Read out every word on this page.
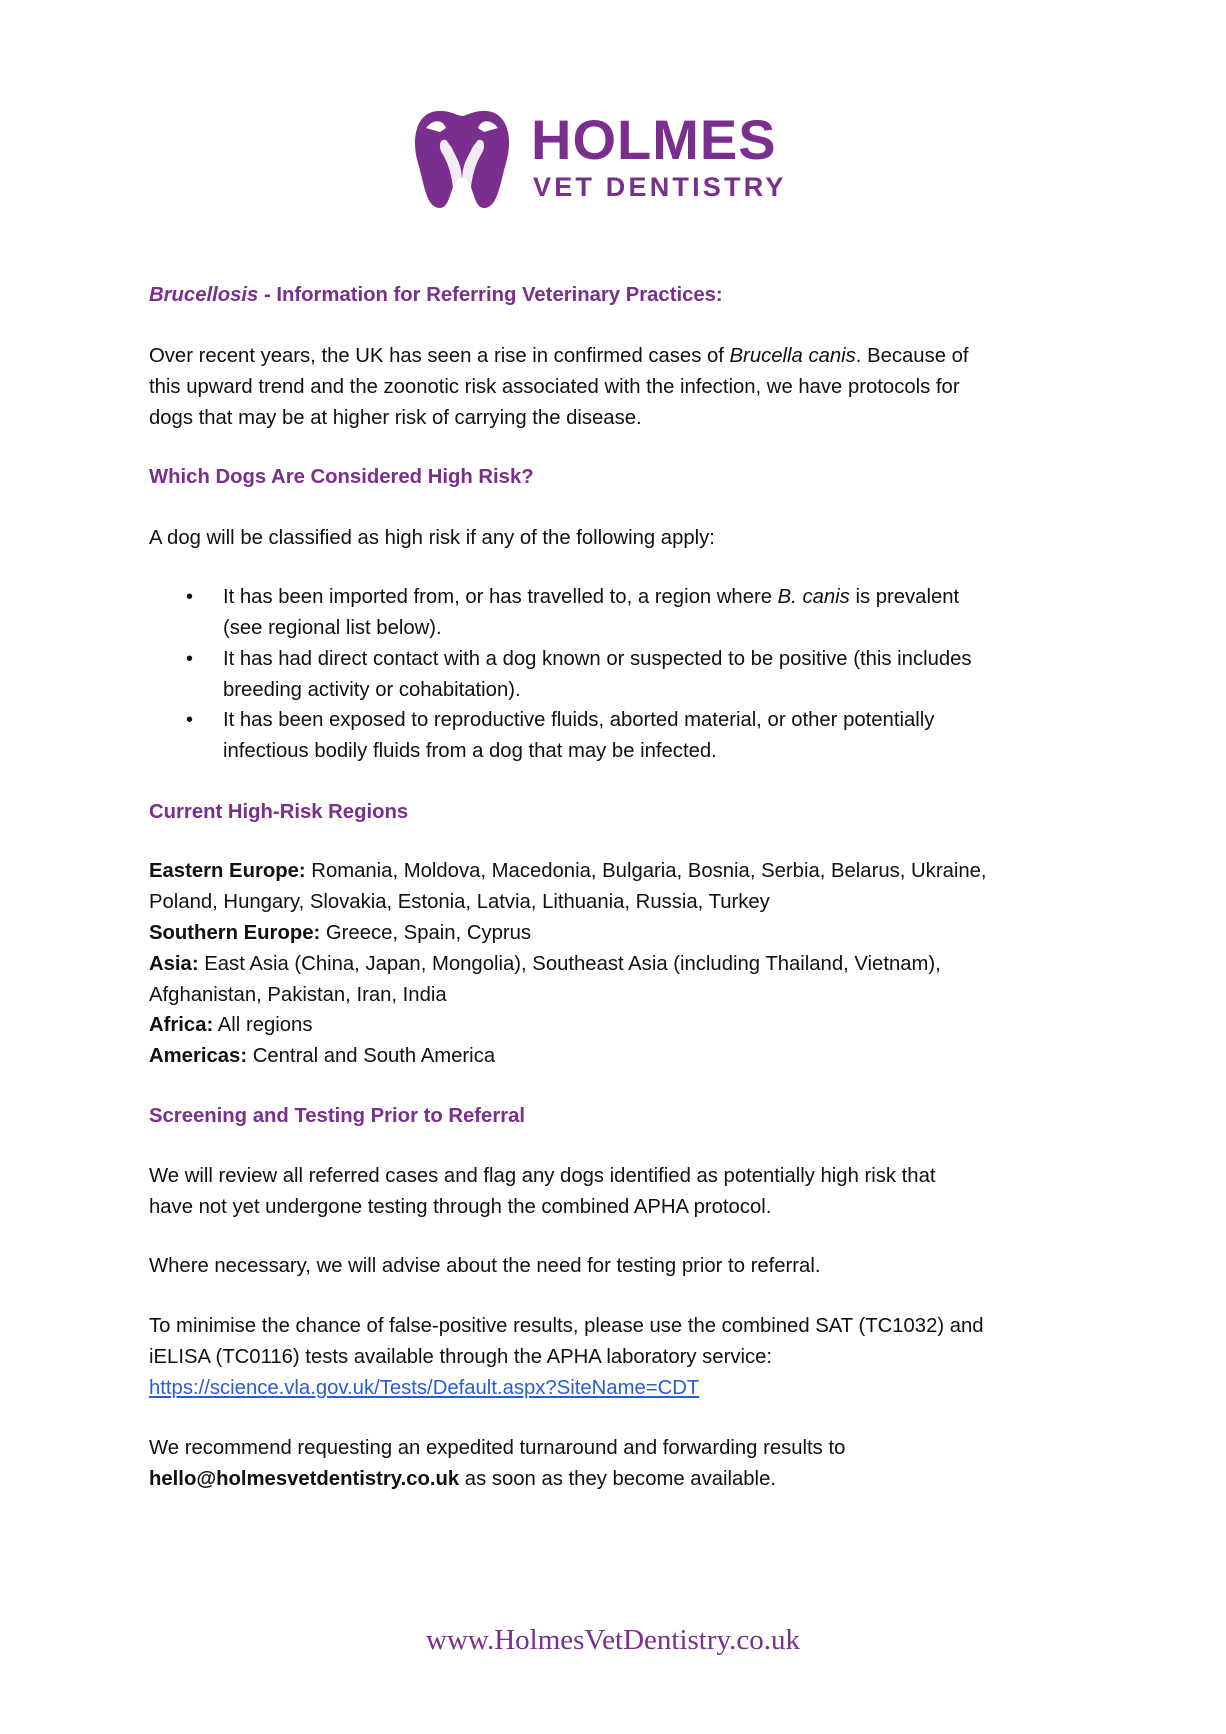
HOLMES
VET DENTISTRY
Brucellosis - Information for Referring Veterinary Practices:
Over recent years, the UK has seen a rise in confirmed cases of Brucella canis. Because of
this upward trend and the zoonotic risk associated with the infection, we have protocols for
dogs that may be at higher risk of carrying the disease.
Which Dogs Are Considered High Risk?
A dog will be classified as high risk if any of the following apply:
• It has been imported from, or has travelled to, a region where B. canis is prevalent
(see regional list below).
• It has had direct contact with a dog known or suspected to be positive (this includes
breeding activity or cohabitation).
• It has been exposed to reproductive fluids, aborted material, or other potentially
infectious bodily fluids from a dog that may be infected.
Current High-Risk Regions
Eastern Europe: Romania, Moldova, Macedonia, Bulgaria, Bosnia, Serbia, Belarus, Ukraine,
Poland, Hungary, Slovakia, Estonia, Latvia, Lithuania, Russia, Turkey
Southern Europe: Greece, Spain, Cyprus
Asia: East Asia (China, Japan, Mongolia), Southeast Asia (including Thailand, Vietnam),
Afghanistan, Pakistan, Iran, India
Africa: All regions
Americas: Central and South America
Screening and Testing Prior to Referral
We will review all referred cases and flag any dogs identified as potentially high risk that
have not yet undergone testing through the combined APHA protocol.
Where necessary, we will advise about the need for testing prior to referral.
To minimise the chance of false-positive results, please use the combined SAT (TC1032) and
iELISA (TC0116) tests available through the APHA laboratory service:
https://science.vla.gov.uk/Tests/Default.aspx?SiteName=CDT
We recommend requesting an expedited turnaround and forwarding results to
hello@holmesvetdentistry.co.uk as soon as they become available.
www.HolmesVetDentistry.co.uk
